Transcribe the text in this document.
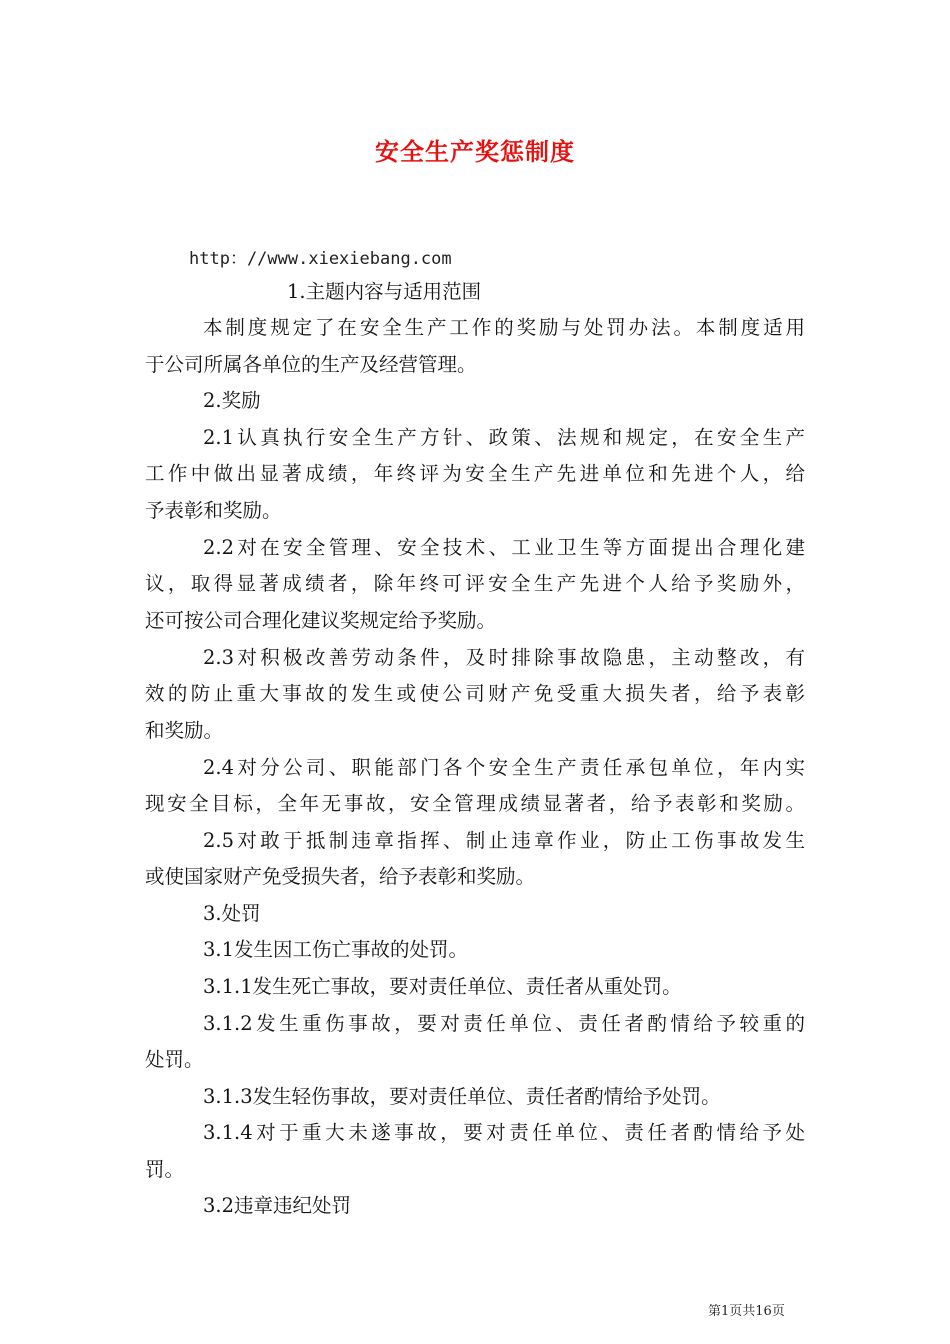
安全生产奖惩制度
http：//www.xiexiebang.com
1.主题内容与适用范围
本制度规定了在安全生产工作的奖励与处罚办法。本制度适用
于公司所属各单位的生产及经营管理。
2.奖励
2.1认真执行安全生产方针、政策、法规和规定，在安全生产
工作中做出显著成绩，年终评为安全生产先进单位和先进个人，给
予表彰和奖励。
2.2对在安全管理、安全技术、工业卫生等方面提出合理化建
议，取得显著成绩者，除年终可评安全生产先进个人给予奖励外，
还可按公司合理化建议奖规定给予奖励。
2.3对积极改善劳动条件，及时排除事故隐患，主动整改，有
效的防止重大事故的发生或使公司财产免受重大损失者，给予表彰
和奖励。
2.4对分公司、职能部门各个安全生产责任承包单位，年内实
现安全目标，全年无事故，安全管理成绩显著者，给予表彰和奖励。
2.5对敢于抵制违章指挥、制止违章作业，防止工伤事故发生
或使国家财产免受损失者，给予表彰和奖励。
3.处罚
3.1发生因工伤亡事故的处罚。
3.1.1发生死亡事故，要对责任单位、责任者从重处罚。
3.1.2发生重伤事故，要对责任单位、责任者酌情给予较重的
处罚。
3.1.3发生轻伤事故，要对责任单位、责任者酌情给予处罚。
3.1.4对于重大未遂事故，要对责任单位、责任者酌情给予处
罚。
3.2违章违纪处罚
第1页共16页
